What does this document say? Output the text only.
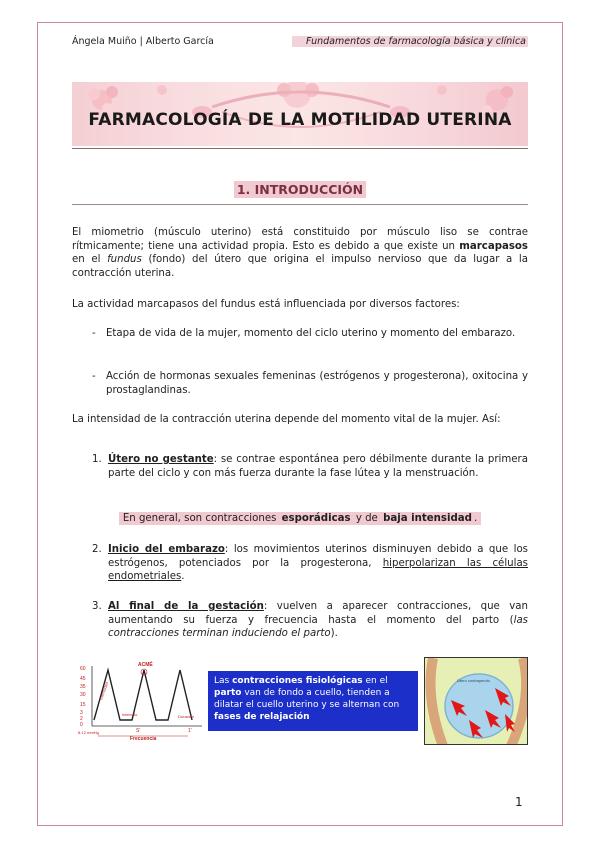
Ángela Muiño | Alberto García	Fundamentos de farmacología básica y clínica
FARMACOLOGÍA DE LA MOTILIDAD UTERINA
1. INTRODUCCIÓN
El miometrio (músculo uterino) está constituido por músculo liso se contrae rítmicamente; tiene una actividad propia. Esto es debido a que existe un marcapasos en el fundus (fondo) del útero que origina el impulso nervioso que da lugar a la contracción uterina.
La actividad marcapasos del fundus está influenciada por diversos factores:
- Etapa de vida de la mujer, momento del ciclo uterino y momento del embarazo.
- Acción de hormonas sexuales femeninas (estrógenos y progesterona), oxitocina y prostaglandinas.
La intensidad de la contracción uterina depende del momento vital de la mujer. Así:
1. Útero no gestante: se contrae espontánea pero débilmente durante la primera parte del ciclo y con más fuerza durante la fase lútea y la menstruación.
En general, son contracciones esporádicas y de baja intensidad .
2. Inicio del embarazo: los movimientos uterinos disminuyen debido a que los estrógenos, potenciados por la progesterona, hiperpolarizan las células endometriales.
3. Al final de la gestación: vuelven a aparecer contracciones, que van aumentando su fuerza y frecuencia hasta el momento del parto (las contracciones terminan induciendo el parto).
60
45
35
30
15
3
2
0
ACMÉ
Intensidad
Intervalo	Duración
S'	1'
Frecuencia
8-12 mmHg
Las contracciones fisiológicas en el parto van de fondo a cuello, tienden a dilatar el cuello uterino y se alternan con fases de relajación
Útero contrayendo
1
